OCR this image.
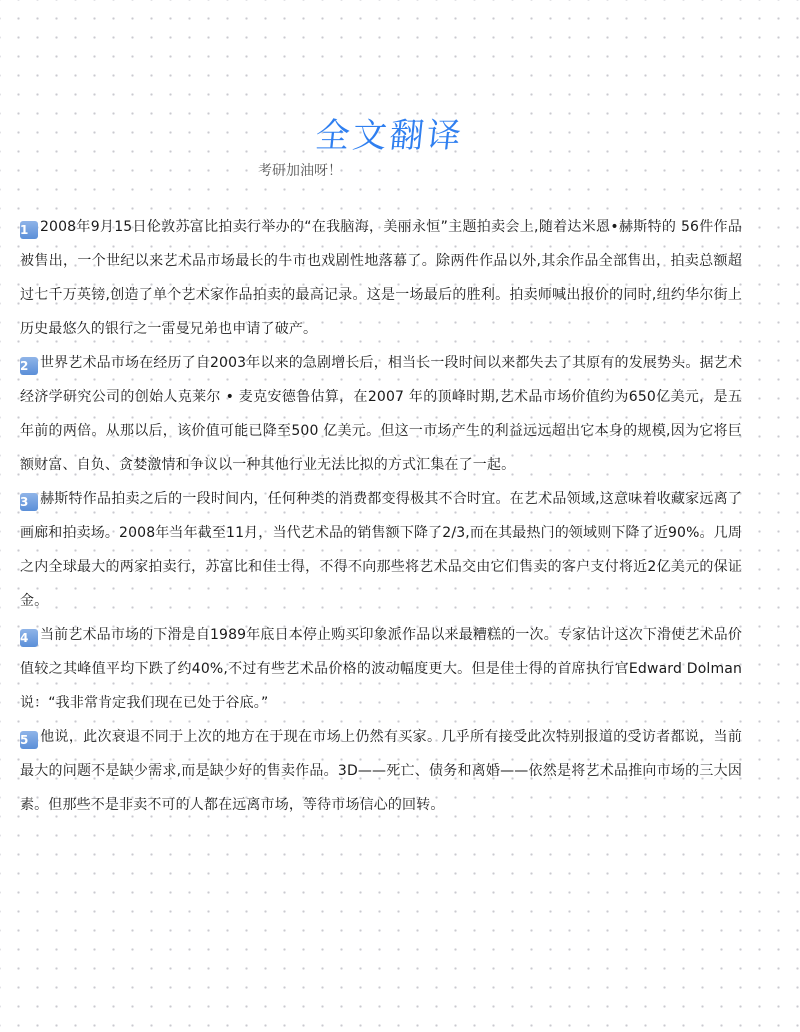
全文翻译
考研加油呀！

1 2008年9月15日伦敦苏富比拍卖行举办的“在我脑海，美丽永恒”主题拍卖会上,随着达米恩•赫斯特的 56件作品被售出，一个世纪以来艺术品市场最长的牛市也戏剧性地落幕了。除两件作品以外,其余作品全部售出，拍卖总额超过七千万英镑,创造了单个艺术家作品拍卖的最高记录。这是一场最后的胜利。拍卖师喊出报价的同时,纽约华尔街上历史最悠久的银行之一雷曼兄弟也申请了破产。

2 世界艺术品市场在经历了自2003年以来的急剧增长后，相当长一段时间以来都失去了其原有的发展势头。据艺术经济学研究公司的创始人克莱尔 • 麦克安德鲁估算，在2007 年的顶峰时期,艺术品市场价值约为650亿美元，是五年前的两倍。从那以后，该价值可能已降至500 亿美元。但这一市场产生的利益远远超出它本身的规模,因为它将巨额财富、自负、贪婪激情和争议以一种其他行业无法比拟的方式汇集在了一起。

3 赫斯特作品拍卖之后的一段时间内，任何种类的消费都变得极其不合时宜。在艺术品领域,这意味着收藏家远离了画廊和拍卖场。2008年当年截至11月，当代艺术品的销售额下降了2/3,而在其最热门的领域则下降了近90%。几周之内全球最大的两家拍卖行，苏富比和佳士得，不得不向那些将艺术品交由它们售卖的客户支付将近2亿美元的保证金。

4 当前艺术品市场的下滑是自1989年底日本停止购买印象派作品以来最糟糕的一次。专家估计这次下滑使艺术品价值较之其峰值平均下跌了约40%,不过有些艺术品价格的波动幅度更大。但是佳士得的首席执行官Edward Dolman 说：“我非常肯定我们现在已处于谷底。”

5 他说，此次衰退不同于上次的地方在于现在市场上仍然有买家。几乎所有接受此次特别报道的受访者都说，当前最大的问题不是缺少需求,而是缺少好的售卖作品。3D——死亡、债务和离婚——依然是将艺术品推向市场的三大因素。但那些不是非卖不可的人都在远离市场，等待市场信心的回转。
